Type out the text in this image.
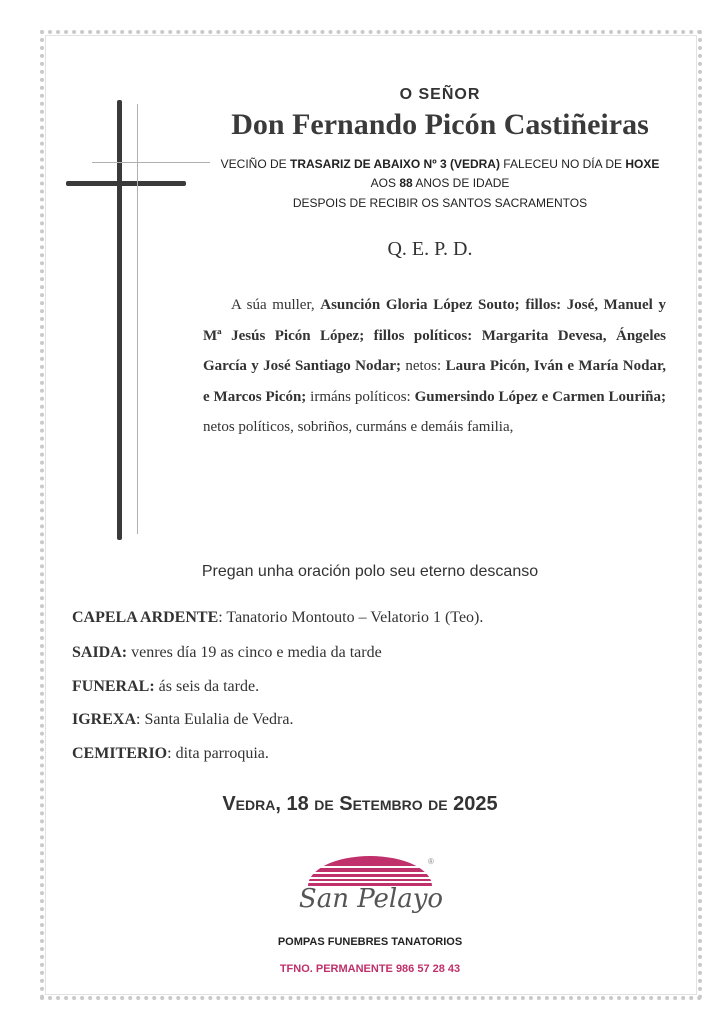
O SEÑOR
Don Fernando Picón Castiñeiras
VECIÑO DE TRASARIZ DE ABAIXO Nº 3 (VEDRA) FALECEU NO DÍA DE HOXE
AOS 88 ANOS DE IDADE
DESPOIS DE RECIBIR OS SANTOS SACRAMENTOS
Q. E. P. D.
A súa muller, Asunción Gloria López Souto; fillos: José, Manuel y Mª Jesús Picón López; fillos políticos: Margarita Devesa, Ángeles García y José Santiago Nodar; netos: Laura Picón, Iván e María Nodar, e Marcos Picón; irmáns políticos: Gumersindo López e Carmen Louriña; netos políticos, sobriños, curmáns e demáis familia,
Pregan unha oración polo seu eterno descanso
CAPELA ARDENTE: Tanatorio Montouto – Velatorio 1 (Teo).
SAIDA: venres día 19 as cinco e media da tarde
FUNERAL: ás seis da tarde.
IGREXA: Santa Eulalia de Vedra.
CEMITERIO: dita parroquia.
Vedra, 18 de Setembro de 2025
®
San Pelayo
POMPAS FUNEBRES TANATORIOS
TFNO. PERMANENTE 986 57 28 43
